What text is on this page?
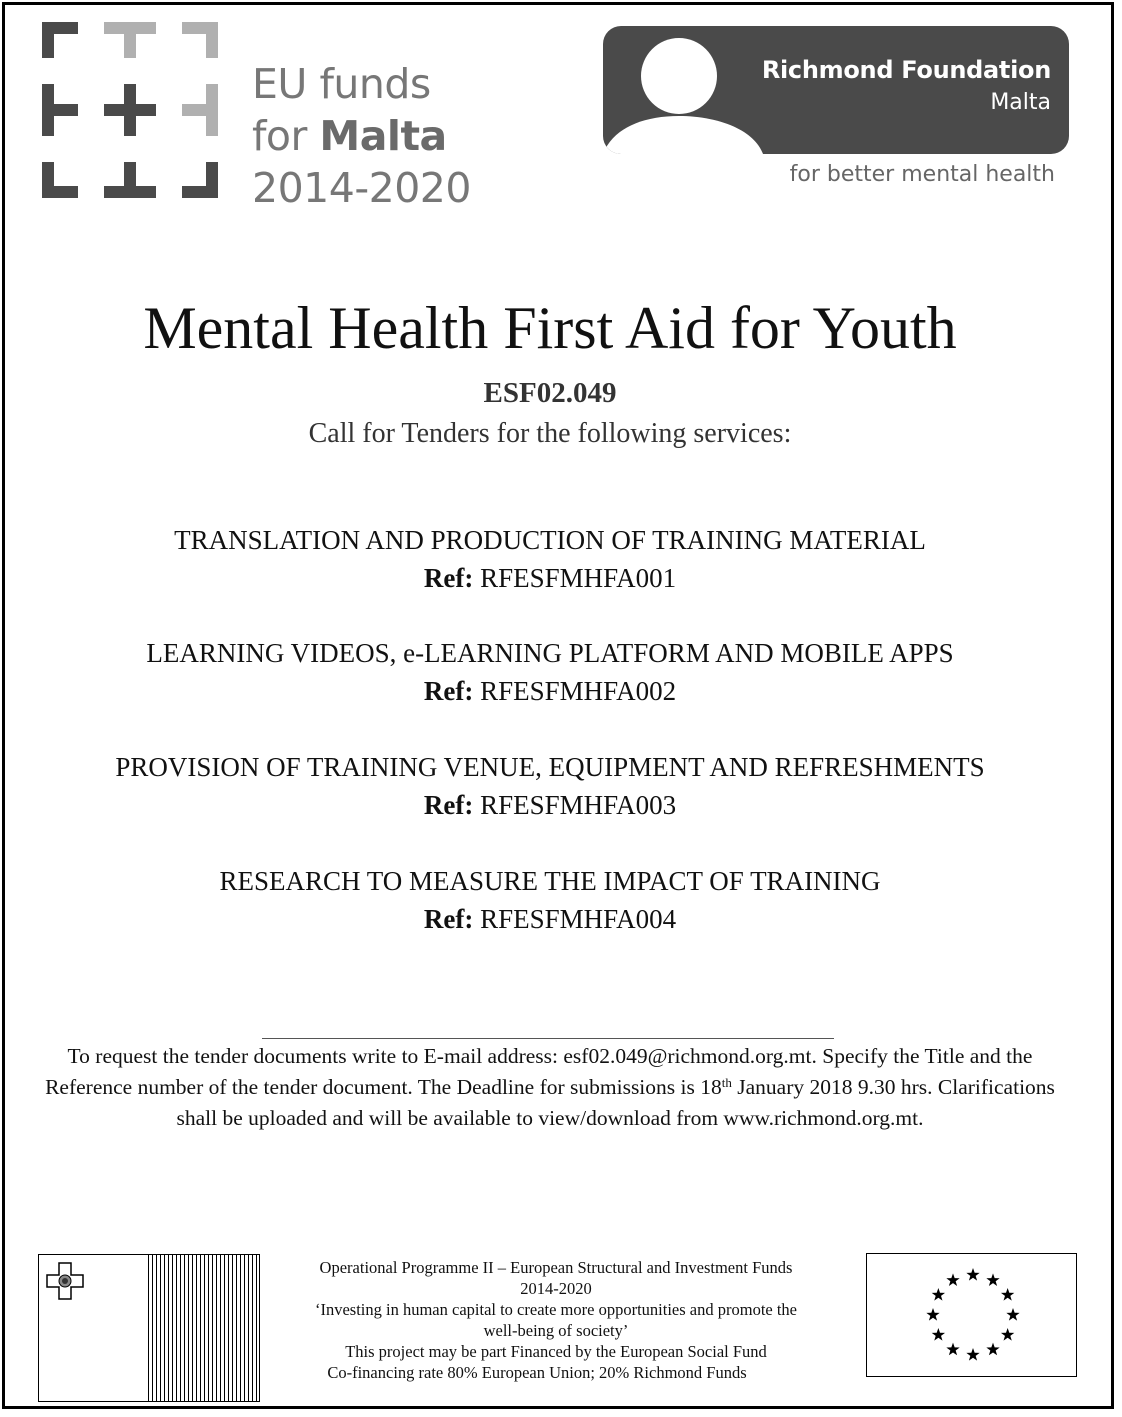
EU funds
for Malta
2014-2020
Richmond Foundation
Malta
for better mental health
Mental Health First Aid for Youth
ESF02.049
Call for Tenders for the following services:
TRANSLATION AND PRODUCTION OF TRAINING MATERIAL
Ref: RFESFMHFA001
LEARNING VIDEOS, e-LEARNING PLATFORM AND MOBILE APPS
Ref: RFESFMHFA002
PROVISION OF TRAINING VENUE, EQUIPMENT AND REFRESHMENTS
Ref: RFESFMHFA003
RESEARCH TO MEASURE THE IMPACT OF TRAINING
Ref: RFESFMHFA004
To request the tender documents write to E-mail address: esf02.049@richmond.org.mt. Specify the Title and the Reference number of the tender document. The Deadline for submissions is 18th January 2018 9.30 hrs. Clarifications shall be uploaded and will be available to view/download from www.richmond.org.mt.
Operational Programme II – European Structural and Investment Funds
2014-2020
‘Investing in human capital to create more opportunities and promote the
well-being of society’
This project may be part Financed by the European Social Fund
Co-financing rate 80% European Union; 20% Richmond Funds
